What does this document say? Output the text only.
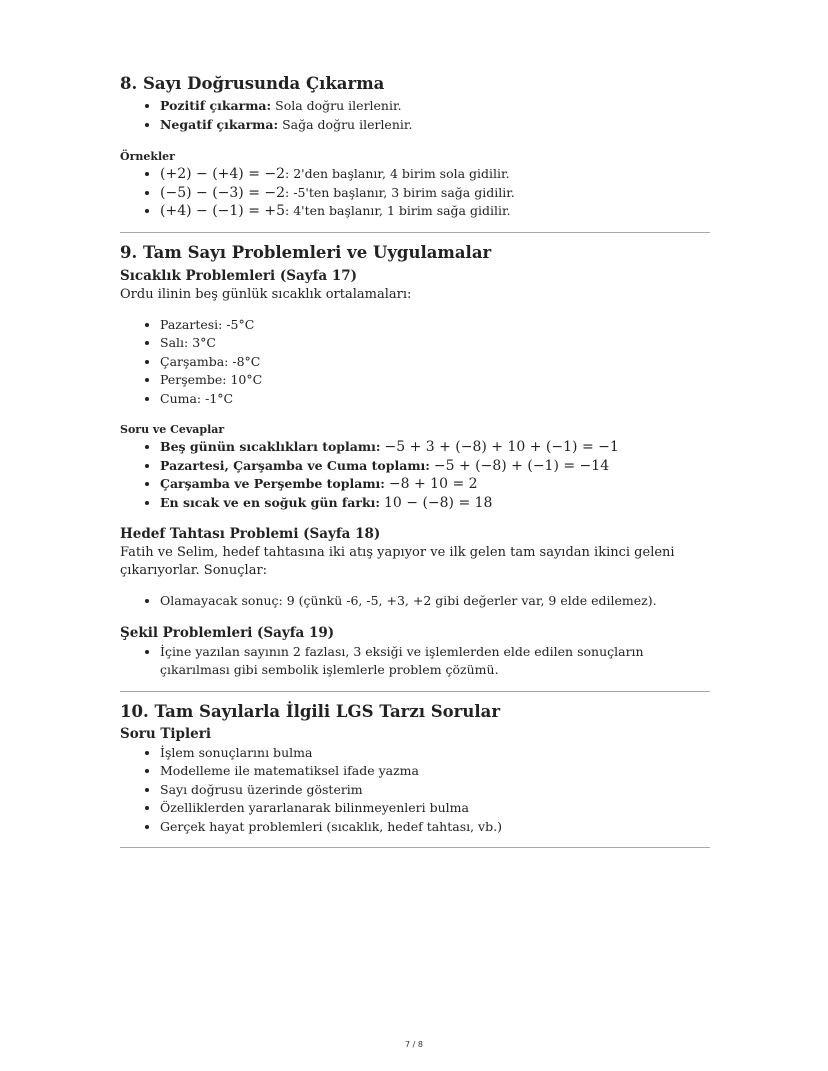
8. Sayı Doğrusunda Çıkarma
• Pozitif çıkarma: Sola doğru ilerlenir.
• Negatif çıkarma: Sağa doğru ilerlenir.
Örnekler
• (+2) − (+4) = −2: 2'den başlanır, 4 birim sola gidilir.
• (−5) − (−3) = −2: -5'ten başlanır, 3 birim sağa gidilir.
• (+4) − (−1) = +5: 4'ten başlanır, 1 birim sağa gidilir.
9. Tam Sayı Problemleri ve Uygulamalar
Sıcaklık Problemleri (Sayfa 17)

Ordu ilinin beş günlük sıcaklık ortalamaları:

• Pazartesi: -5°C
• Salı: 3°C
• Çarşamba: -8°C
• Perşembe: 10°C
• Cuma: -1°C
Soru ve Cevaplar
• Beş günün sıcaklıkları toplamı: −5 + 3 + (−8) + 10 + (−1) = −1
• Pazartesi, Çarşamba ve Cuma toplamı: −5 + (−8) + (−1) = −14
• Çarşamba ve Perşembe toplamı: −8 + 10 = 2
• En sıcak ve en soğuk gün farkı: 10 − (−8) = 18
Hedef Tahtası Problemi (Sayfa 18)

Fatih ve Selim, hedef tahtasına iki atış yapıyor ve ilk gelen tam sayıdan ikinci geleni çıkarıyorlar. Sonuçlar:

• Olamayacak sonuç: 9 (çünkü -6, -5, +3, +2 gibi değerler var, 9 elde edilemez).
Şekil Problemleri (Sayfa 19)
• İçine yazılan sayının 2 fazlası, 3 eksiği ve işlemlerden elde edilen sonuçların çıkarılması gibi sembolik işlemlerle problem çözümü.
10. Tam Sayılarla İlgili LGS Tarzı Sorular
Soru Tipleri
• İşlem sonuçlarını bulma
• Modelleme ile matematiksel ifade yazma
• Sayı doğrusu üzerinde gösterim
• Özelliklerden yararlanarak bilinmeyenleri bulma
• Gerçek hayat problemleri (sıcaklık, hedef tahtası, vb.)
7 / 8
